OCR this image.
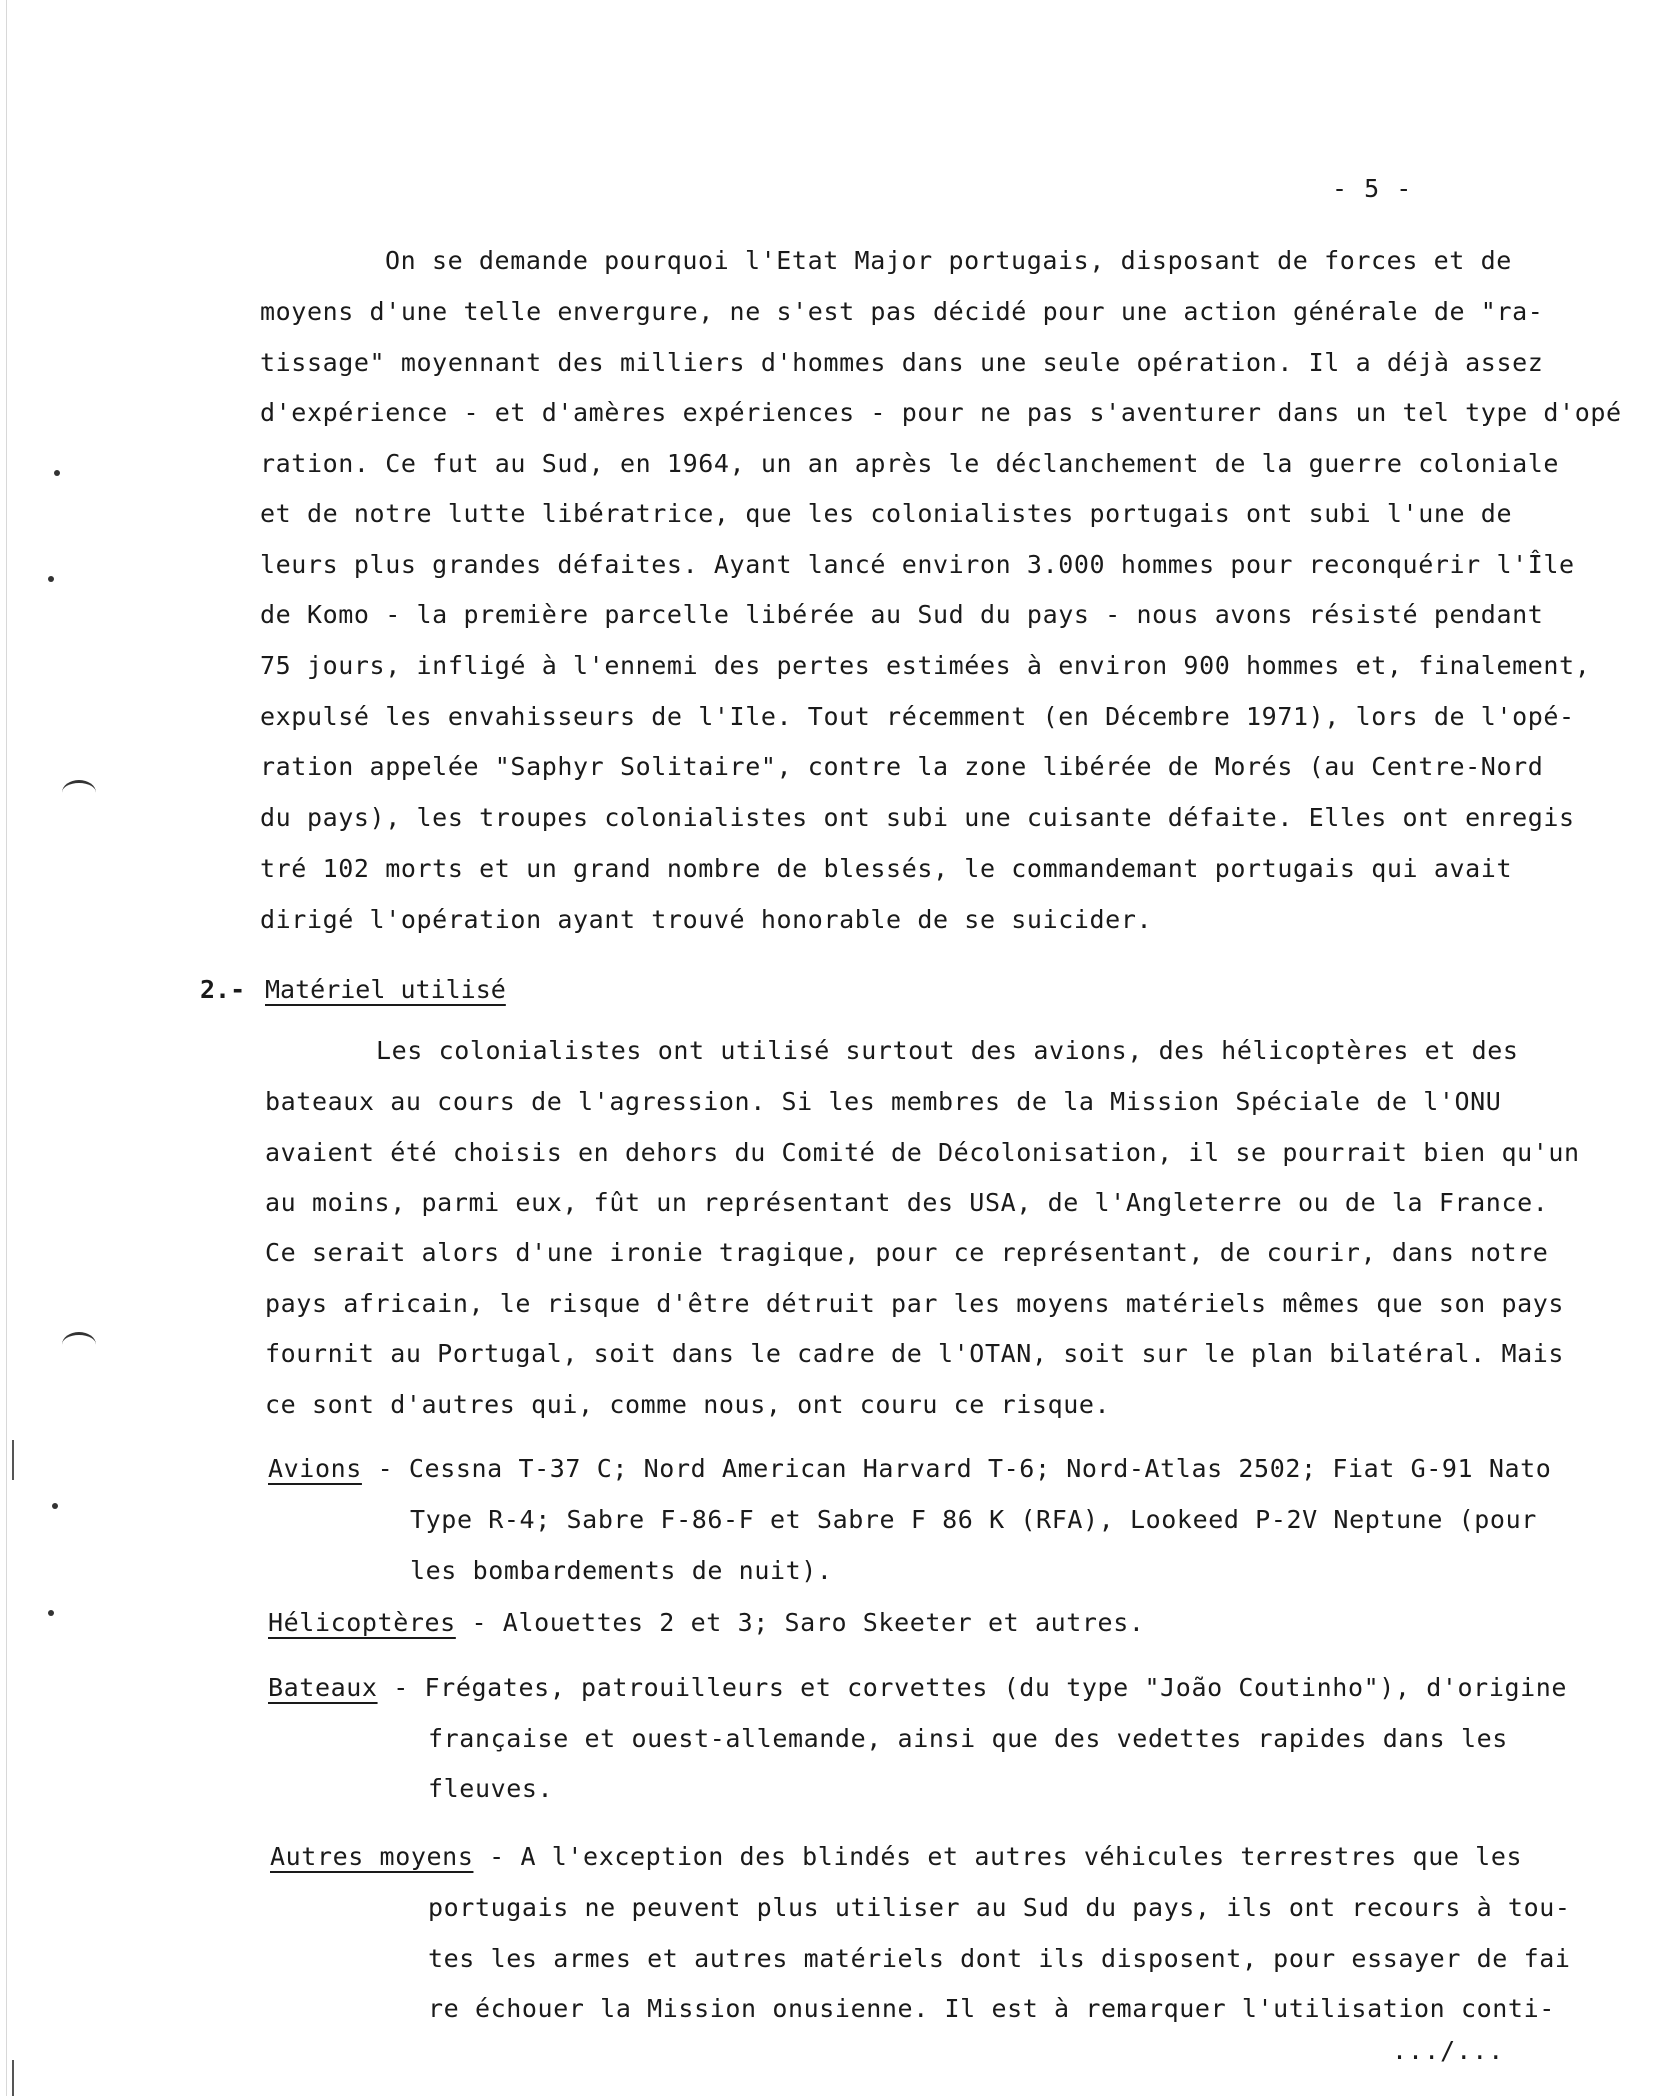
- 5 -
On se demande pourquoi l'Etat Major portugais, disposant de forces et de
moyens d'une telle envergure, ne s'est pas décidé pour une action générale de "ra-
tissage" moyennant des milliers d'hommes dans une seule opération. Il a déjà assez
d'expérience - et d'amères expériences - pour ne pas s'aventurer dans un tel type d'opé
ration. Ce fut au Sud, en 1964, un an après le déclanchement de la guerre coloniale
et de notre lutte libératrice, que les colonialistes portugais ont subi l'une de
leurs plus grandes défaites. Ayant lancé environ 3.000 hommes pour reconquérir l'Île
de Komo - la première parcelle libérée au Sud du pays - nous avons résisté pendant
75 jours, infligé à l'ennemi des pertes estimées à environ 900 hommes et, finalement,
expulsé les envahisseurs de l'Ile. Tout récemment (en Décembre 1971), lors de l'opé-
ration appelée "Saphyr Solitaire", contre la zone libérée de Morés (au Centre-Nord
du pays), les troupes colonialistes ont subi une cuisante défaite. Elles ont enregis
tré 102 morts et un grand nombre de blessés, le commandemant portugais qui avait
dirigé l'opération ayant trouvé honorable de se suicider.
2.- Matériel utilisé
Les colonialistes ont utilisé surtout des avions, des hélicoptères et des
bateaux au cours de l'agression. Si les membres de la Mission Spéciale de l'ONU
avaient été choisis en dehors du Comité de Décolonisation, il se pourrait bien qu'un
au moins, parmi eux, fût un représentant des USA, de l'Angleterre ou de la France.
Ce serait alors d'une ironie tragique, pour ce représentant, de courir, dans notre
pays africain, le risque d'être détruit par les moyens matériels mêmes que son pays
fournit au Portugal, soit dans le cadre de l'OTAN, soit sur le plan bilatéral. Mais
ce sont d'autres qui, comme nous, ont couru ce risque.
Avions - Cessna T-37 C; Nord American Harvard T-6; Nord-Atlas 2502; Fiat G-91 Nato
Type R-4; Sabre F-86-F et Sabre F 86 K (RFA), Lookeed P-2V Neptune (pour
les bombardements de nuit).
Hélicoptères - Alouettes 2 et 3; Saro Skeeter et autres.
Bateaux - Frégates, patrouilleurs et corvettes (du type "João Coutinho"), d'origine
française et ouest-allemande, ainsi que des vedettes rapides dans les
fleuves.
Autres moyens - A l'exception des blindés et autres véhicules terrestres que les
portugais ne peuvent plus utiliser au Sud du pays, ils ont recours à tou-
tes les armes et autres matériels dont ils disposent, pour essayer de fai
re échouer la Mission onusienne. Il est à remarquer l'utilisation conti-
.../...
